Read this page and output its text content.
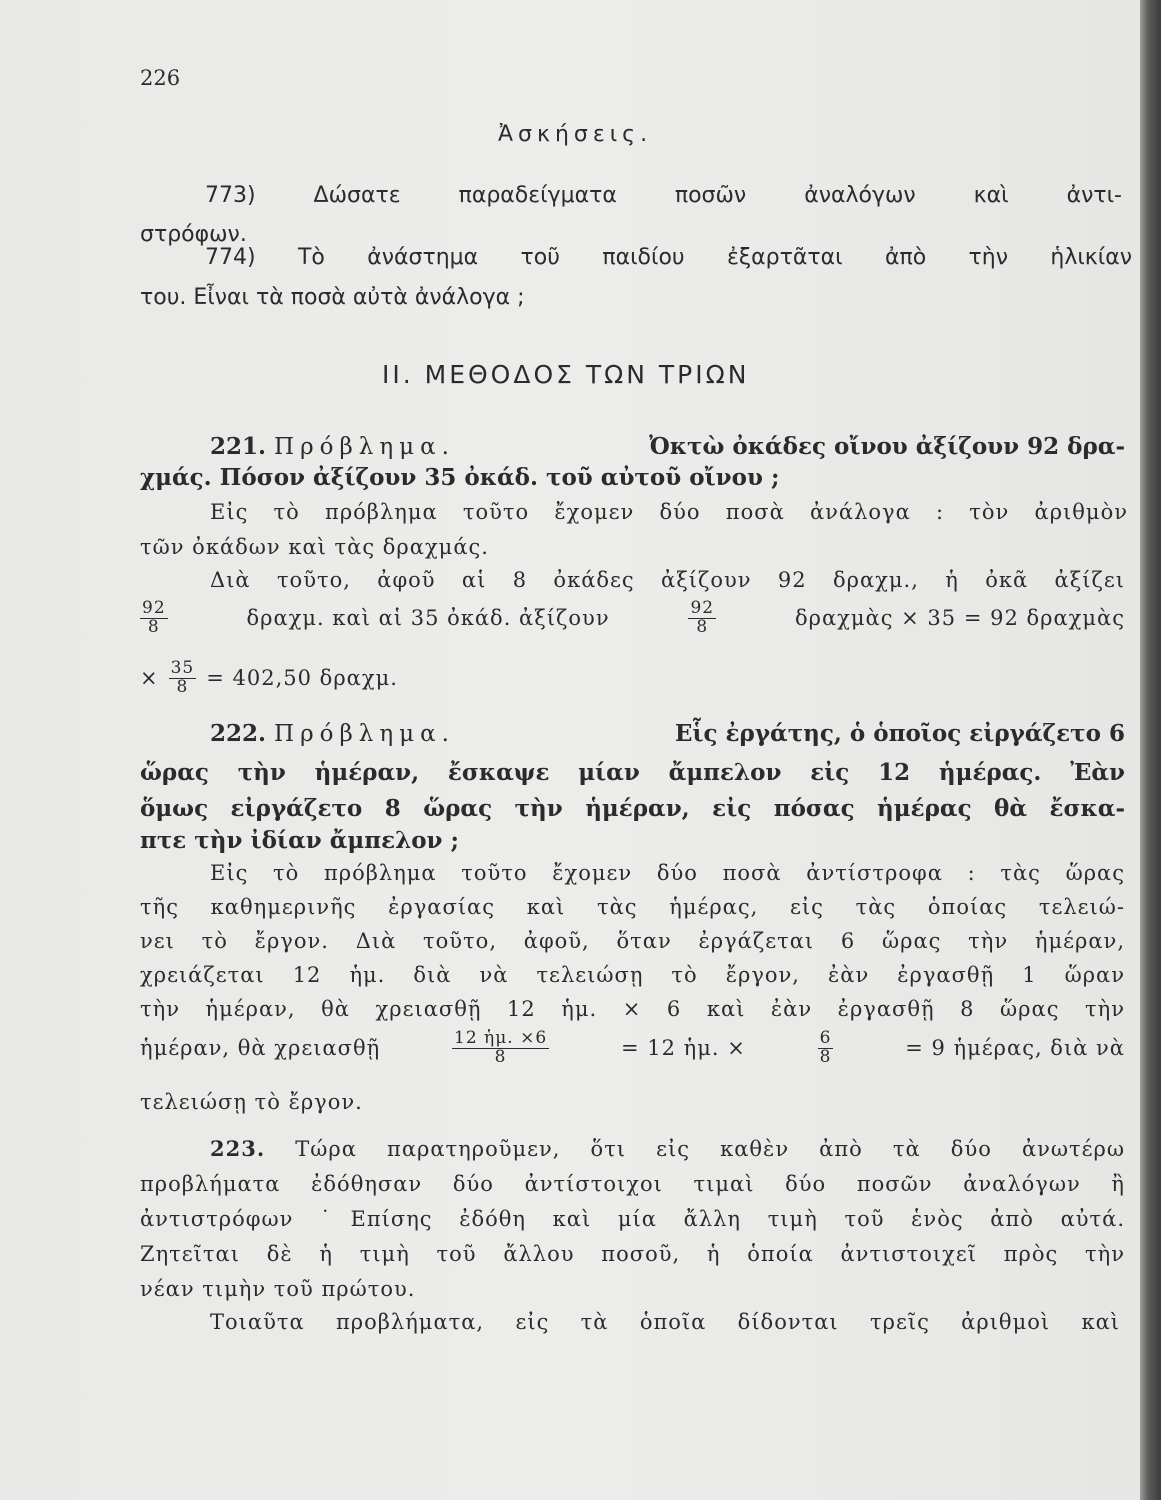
226
Ἀσκήσεις.
773) Δώσατε παραδείγματα ποσῶν ἀναλόγων καὶ ἀντι-
στρόφων.
774) Τὸ ἀνάστημα τοῦ παιδίου ἐξαρτᾶται ἀπὸ τὴν ἡλικίαν
του. Εἶναι τὰ ποσὰ αὐτὰ ἀνάλογα ;
II. ΜΕΘΟΔΟΣ ΤΩΝ ΤΡΙΩΝ
221. Πρόβλημα.	Ὀκτὼ ὀκάδες οἴνου ἀξίζουν 92 δρα-
χμάς. Πόσον ἀξίζουν 35 ὀκάδ. τοῦ αὐτοῦ οἴνου ;
Εἰς τὸ πρόβλημα τοῦτο ἔχομεν δύο ποσὰ ἀνάλογα : τὸν ἀριθμὸν
τῶν ὀκάδων καὶ τὰς δραχμάς.
Διὰ τοῦτο, ἀφοῦ αἱ 8 ὀκάδες ἀξίζουν 92 δραχμ., ἡ ὀκᾶ ἀξίζει
$\frac{92}{8}$	δραχμ. καὶ αἱ 35 ὀκάδ. ἀξίζουν	$\frac{92}{8}$	δραχμὰς × 35 = 92 δραχμὰς
× $\frac{35}{8} = 402,50$ δραχμ.
222. Πρόβλημα.	Εἷς ἐργάτης, ὁ ὁποῖος εἰργάζετο 6
ὥρας τὴν ἡμέραν, ἔσκαψε μίαν ἄμπελον εἰς 12 ἡμέρας. Ἐὰν
ὅμως εἰργάζετο 8 ὥρας τὴν ἡμέραν, εἰς πόσας ἡμέρας θὰ ἔσκα-
πτε τὴν ἰδίαν ἄμπελον ;
Εἰς τὸ πρόβλημα τοῦτο ἔχομεν δύο ποσὰ ἀντίστροφα : τὰς ὥρας
τῆς καθημερινῆς ἐργασίας καὶ τὰς ἡμέρας, εἰς τὰς ὁποίας τελειώ-
νει τὸ ἔργον. Διὰ τοῦτο, ἀφοῦ, ὅταν ἐργάζεται 6 ὥρας τὴν ἡμέραν,
χρειάζεται 12 ἡμ. διὰ νὰ τελειώσῃ τὸ ἔργον, ἐὰν ἐργασθῇ 1 ὥραν
τὴν ἡμέραν, θὰ χρειασθῇ 12 ἡμ. × 6 καὶ ἐὰν ἐργασθῇ 8 ὥρας τὴν
ἡμέραν, θὰ χρειασθῇ	$\frac{\text{12 ἡμ. ×6}}{8}$	= 12 ἡμ. ×	$\frac{6}{8}$	= 9 ἡμέρας, διὰ νὰ
τελειώσῃ τὸ ἔργον.
223. Τώρα παρατηροῦμεν, ὅτι εἰς καθὲν ἀπὸ τὰ δύο ἀνωτέρω
προβλήματα ἐδόθησαν δύο ἀντίστοιχοι τιμαὶ δύο ποσῶν ἀναλόγων ἢ
ἀντιστρόφων ˙Επίσης ἐδόθη καὶ μία ἄλλη τιμὴ τοῦ ἑνὸς ἀπὸ αὐτά.
Ζητεῖται δὲ ἡ τιμὴ τοῦ ἄλλου ποσοῦ, ἡ ὁποία ἀντιστοιχεῖ πρὸς τὴν
νέαν τιμὴν τοῦ πρώτου.
Τοιαῦτα προβλήματα, εἰς τὰ ὁποῖα δίδονται τρεῖς ἀριθμοὶ καὶ
